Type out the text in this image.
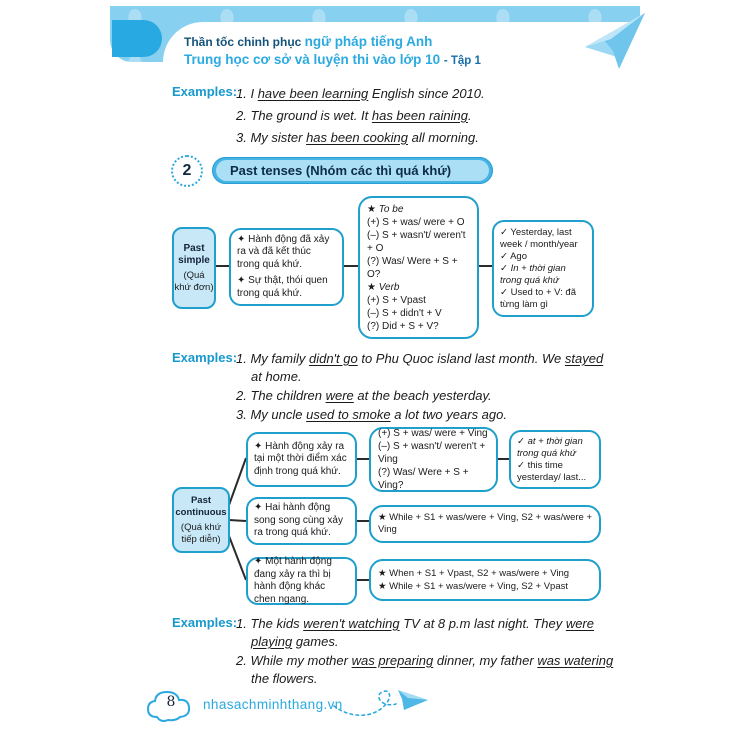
Thần tốc chinh phục ngữ pháp tiếng Anh
Trung học cơ sở và luyện thi vào lớp 10 - Tập 1
Examples:
1. I have been learning English since 2010.
2. The ground is wet. It has been raining.
3. My sister has been cooking all morning.
2	Past tenses (Nhóm các thì quá khứ)
Past simple
(Quá khứ đơn)

✦ Hành động đã xảy ra và đã kết thúc trong quá khứ.

✦ Sự thật, thói quen trong quá khứ.

★ To be
(+) S + was/ were + O
(–) S + wasn't/ weren't + O
(?) Was/ Were + S + O?
★ Verb
(+) S + Vpast
(–) S + didn't + V
(?) Did + S + V?
✓ Yesterday, last week / month/year
✓ Ago
✓ In + thời gian trong quá khứ
✓ Used to + V: đã từng làm gì
Examples:
1. My family didn't go to Phu Quoc island last month. We stayed at home.
2. The children were at the beach yesterday.
3. My uncle used to smoke a lot two years ago.
Past continuous
(Quá khứ tiếp diễn)

✦ Hành động xảy ra tại một thời điểm xác định trong quá khứ.

(+) S + was/ were + Ving
(–) S + wasn't/ weren't + Ving
(?) Was/ Were + S + Ving?
✓ at + thời gian trong quá khứ
✓ this time yesterday/ last...

✦ Hai hành động song song cùng xảy ra trong quá khứ.

★ While + S1 + was/were + Ving, S2 + was/were + Ving

✦ Một hành động đang xảy ra thì bị hành động khác chen ngang.

★ When + S1 + Vpast, S2 + was/were + Ving
★ While + S1 + was/were + Ving, S2 + Vpast
Examples:
1. The kids weren't watching TV at 8 p.m last night. They were playing games.
2. While my mother was preparing dinner, my father was watering the flowers.
8	nhasachminhthang.vn
